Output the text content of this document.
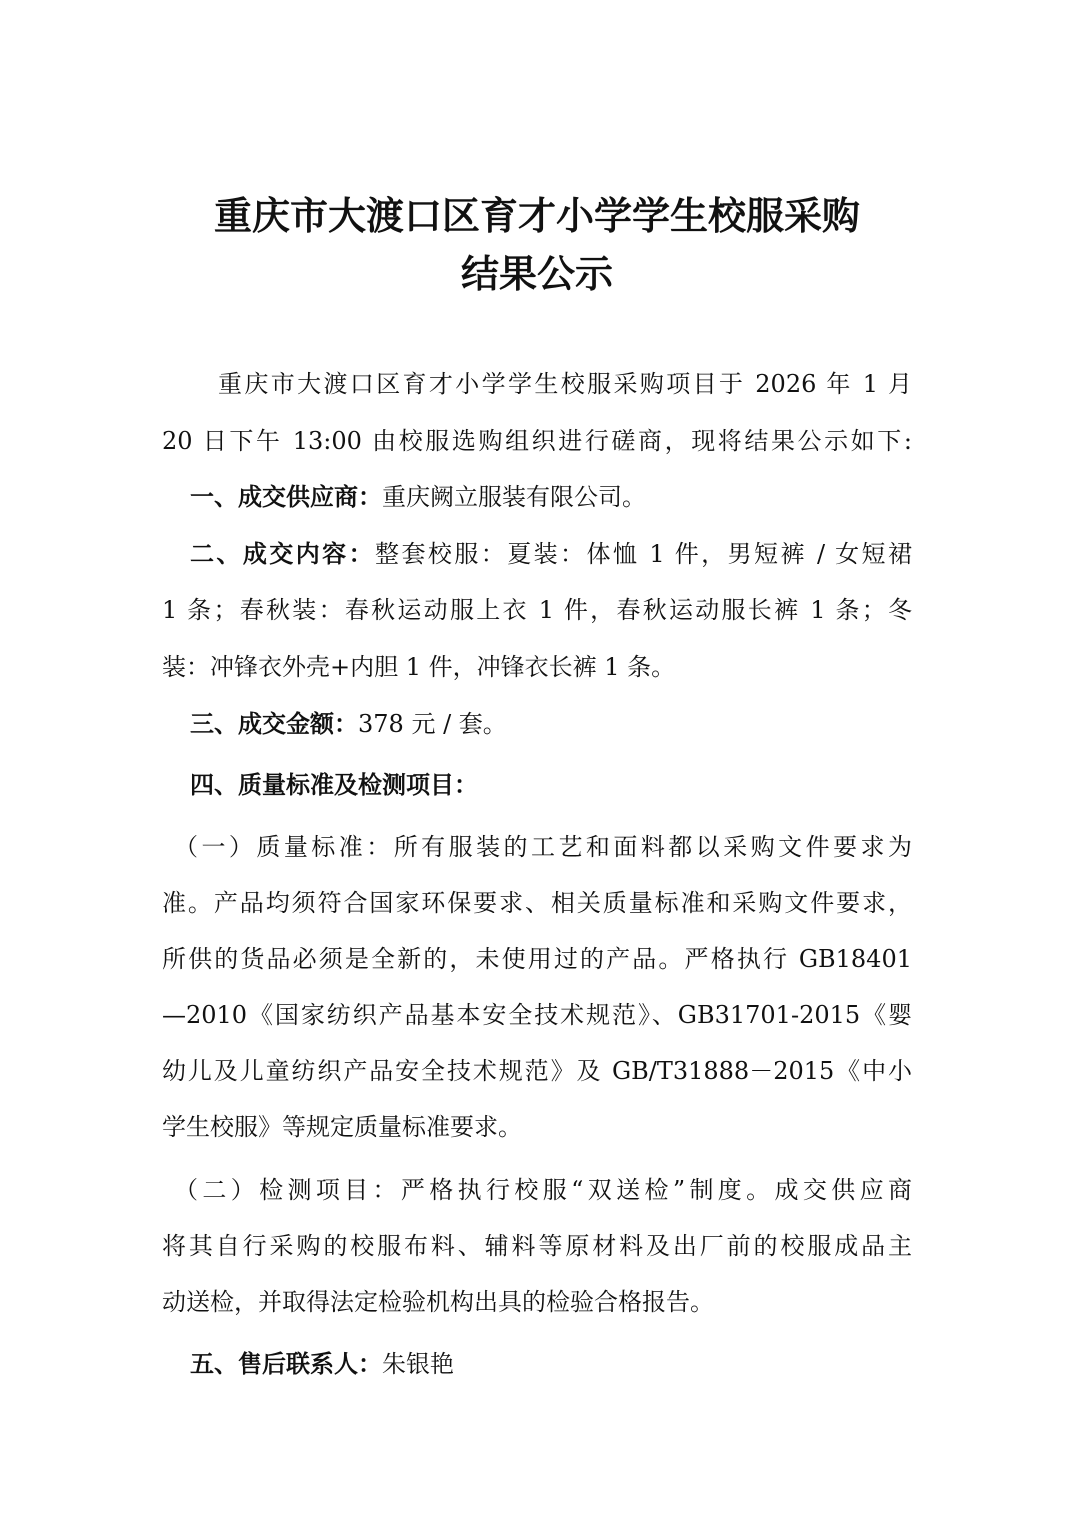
重庆市大渡口区育才小学学生校服采购
结果公示
重庆市大渡口区育才小学学生校服采购项目于 2026 年 1 月
20 日下午 13:00 由校服选购组织进行磋商，现将结果公示如下:
一、成交供应商：重庆阙立服装有限公司。
二、成交内容：整套校服：夏装：体恤 1 件，男短裤 / 女短裙
1 条；春秋装：春秋运动服上衣 1 件，春秋运动服长裤 1 条；冬
装：冲锋衣外壳+内胆 1 件，冲锋衣长裤 1 条。
三、成交金额：378 元 / 套。
四、质量标准及检测项目：
（一）质量标准：所有服装的工艺和面料都以采购文件要求为
准。产品均须符合国家环保要求、相关质量标准和采购文件要求，
所供的货品必须是全新的，未使用过的产品。严格执行 GB18401
—2010《国家纺织产品基本安全技术规范》、GB31701-2015《婴
幼儿及儿童纺织产品安全技术规范》及 GB/T31888－2015《中小
学生校服》等规定质量标准要求。
（二）检测项目：严格执行校服“双送检”制度。成交供应商
将其自行采购的校服布料、辅料等原材料及出厂前的校服成品主
动送检，并取得法定检验机构出具的检验合格报告。
五、售后联系人：朱银艳
